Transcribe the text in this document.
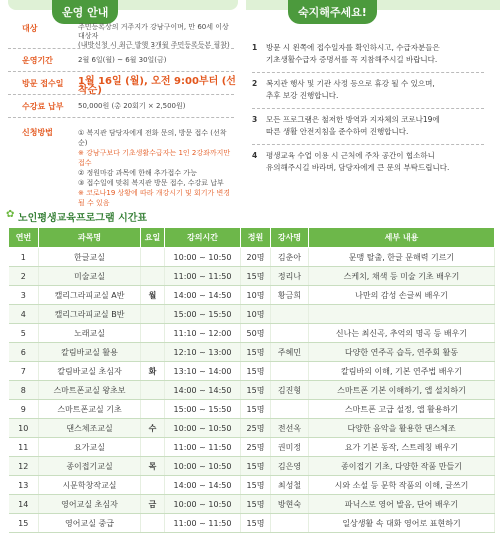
운영 안내
대상	주민등록상의 거주지가 강남구이며, 만 60세 이상 대상자
(내방신청 시 최근 발행 3개월 주민등록등본 필참)
운영기간	2월 6일(월) ~ 6월 30일(금)
방문 접수일 1월 16일 (월), 오전 9:00부터 (선착순)
수강료 납부 50,000원 (총 20회기 × 2,500원)
신청방법	① 복지관 담당자에게 전화 문의, 방문 접수 (선착순)
※ 강남구보다 기초생활수급자는 1인 2강좌까지만 접수
② 정원마감 과목에 한해 추가접수 가능
③ 접수일에 맞춰 복지관 방문 접수, 수강료 납부
※ 코로나19 상황에 따라 개강시기 및 회기가 변경될 수 있음
숙지해주세요!
1 방문 시 왼쪽에 접수일자를 확인하시고, 수급자분들은
기초생활수급자 증명서를 꼭 지참해주시길 바랍니다.
2 복지관 행사 및 기관 사정 등으로 휴강 될 수 있으며,
추후 보강 진행합니다.
3 모든 프로그램은 철저한 방역과 지자체의 코로나19에
따른 생활 안전지침을 준수하여 진행합니다.
4 평생교육 수업 이용 시 근처에 주차 공간이 협소하니
유의해주시길 바라며, 담당자에게 큰 문의 부탁드립니다.
✿ 노인평생교육프로그램 시간표
연번	과목명	요일	강의시간	정원	강사명	세부 내용
1	한글교실		10:00 ~ 10:50	20명	김춘아	문맹 탈출, 한글 문해력 기르기
2	미술교실		11:00 ~ 11:50	15명	정리나	스케치, 채색 등 미술 기초 배우기
3	캘리그라피교실 A반	월	14:00 ~ 14:50	10명	황금희	나만의 감성 손글씨 배우기
4	캘리그라피교실 B반		15:00 ~ 15:50	10명		
5	노래교실		11:10 ~ 12:00	50명		신나는 최신곡, 추억의 명곡 등 배우기
6	칼림바교실 활용		12:10 ~ 13:00	15명	주혜민	다양한 연주곡 습득, 연주회 활동
7	칼림바교실 초심자	화	13:10 ~ 14:00	15명		칼림바의 이해, 기본 연주법 배우기
8	스마트폰교실 왕초보		14:00 ~ 14:50	15명	김진형	스마트폰 기본 이해하기, 앱 설치하기
9	스마트폰교실 기초		15:00 ~ 15:50	15명		스마트폰 고급 설정, 앱 활용하기
10	댄스체조교실	수	10:00 ~ 10:50	25명	전선옥	다양한 음악을 활용한 댄스체조
11	요가교실		11:00 ~ 11:50	25명	권미정	요가 기본 동작, 스트레칭 배우기
12	종이접기교실	목	10:00 ~ 10:50	15명	김은영	종이접기 기초, 다양한 작품 만들기
13	시문학창작교실		14:00 ~ 14:50	15명	최성철	시와 소설 등 문학 작품의 이해, 글쓰기
14	영어교실 초심자	금	10:00 ~ 10:50	15명	방현숙	파닉스로 영어 발음, 단어 배우기
15	영어교실 중급		11:00 ~ 11:50	15명		일상생활 속 대화 영어로 표현하기
